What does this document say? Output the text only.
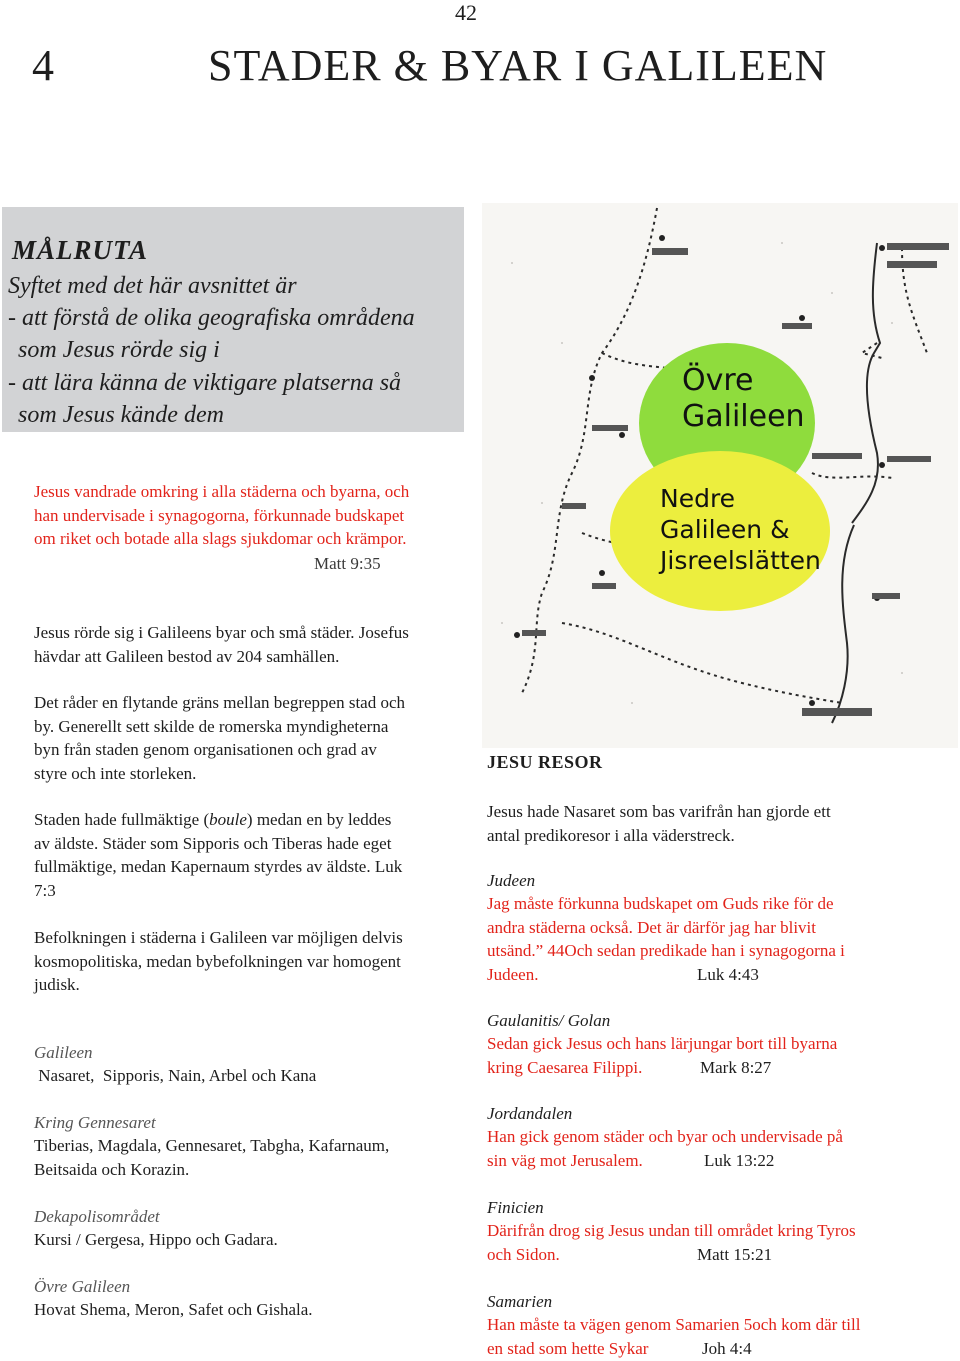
42
4	STADER & BYAR I GALILEEN
MÅLRUTA
Syftet med det här avsnittet är
- att förstå de olika geografiska områdena
som Jesus rörde sig i
- att lära känna de viktigare platserna så
som Jesus kände dem
Jesus vandrade omkring i alla städerna och byarna, och
han undervisade i synagogorna, förkunnade budskapet
om riket och botade alla slags sjukdomar och krämpor.
Matt 9:35
Jesus rörde sig i Galileens byar och små städer. Josefus
hävdar att Galileen bestod av 204 samhällen.
Det råder en flytande gräns mellan begreppen stad och
by. Generellt sett skilde de romerska myndigheterna
byn från staden genom organisationen och grad av
styre och inte storleken.
Staden hade fullmäktige (boule) medan en by leddes
av äldste. Städer som Sipporis och Tiberas hade eget
fullmäktige, medan Kapernaum styrdes av äldste. Luk
7:3
Befolkningen i städerna i Galileen var möjligen delvis
kosmopolitiska, medan bybefolkningen var homogent
judisk.
Galileen
Nasaret,  Sipporis, Nain, Arbel och Kana
Kring Gennesaret
Tiberias, Magdala, Gennesaret, Tabgha, Kafarnaum,
Beitsaida och Korazin.
Dekapolisområdet
Kursi / Gergesa, Hippo och Gadara.
Övre Galileen
Hovat Shema, Meron, Safet och Gishala.
Övre
Galileen
Nedre
Galileen &
Jisreelslätten
JESU RESOR
Jesus hade Nasaret som bas varifrån han gjorde ett
antal predikoresor i alla väderstreck.
Judeen
Jag måste förkunna budskapet om Guds rike för de
andra städerna också. Det är därför jag har blivit
utsänd.” 44Och sedan predikade han i synagogorna i
Judeen.	Luk 4:43
Gaulanitis/ Golan
Sedan gick Jesus och hans lärjungar bort till byarna
kring Caesarea Filippi.	Mark 8:27
Jordandalen
Han gick genom städer och byar och undervisade på
sin väg mot Jerusalem.	Luk 13:22
Finicien
Därifrån drog sig Jesus undan till området kring Tyros
och Sidon.	Matt 15:21
Samarien
Han måste ta vägen genom Samarien 5och kom där till
en stad som hette Sykar	Joh 4:4
